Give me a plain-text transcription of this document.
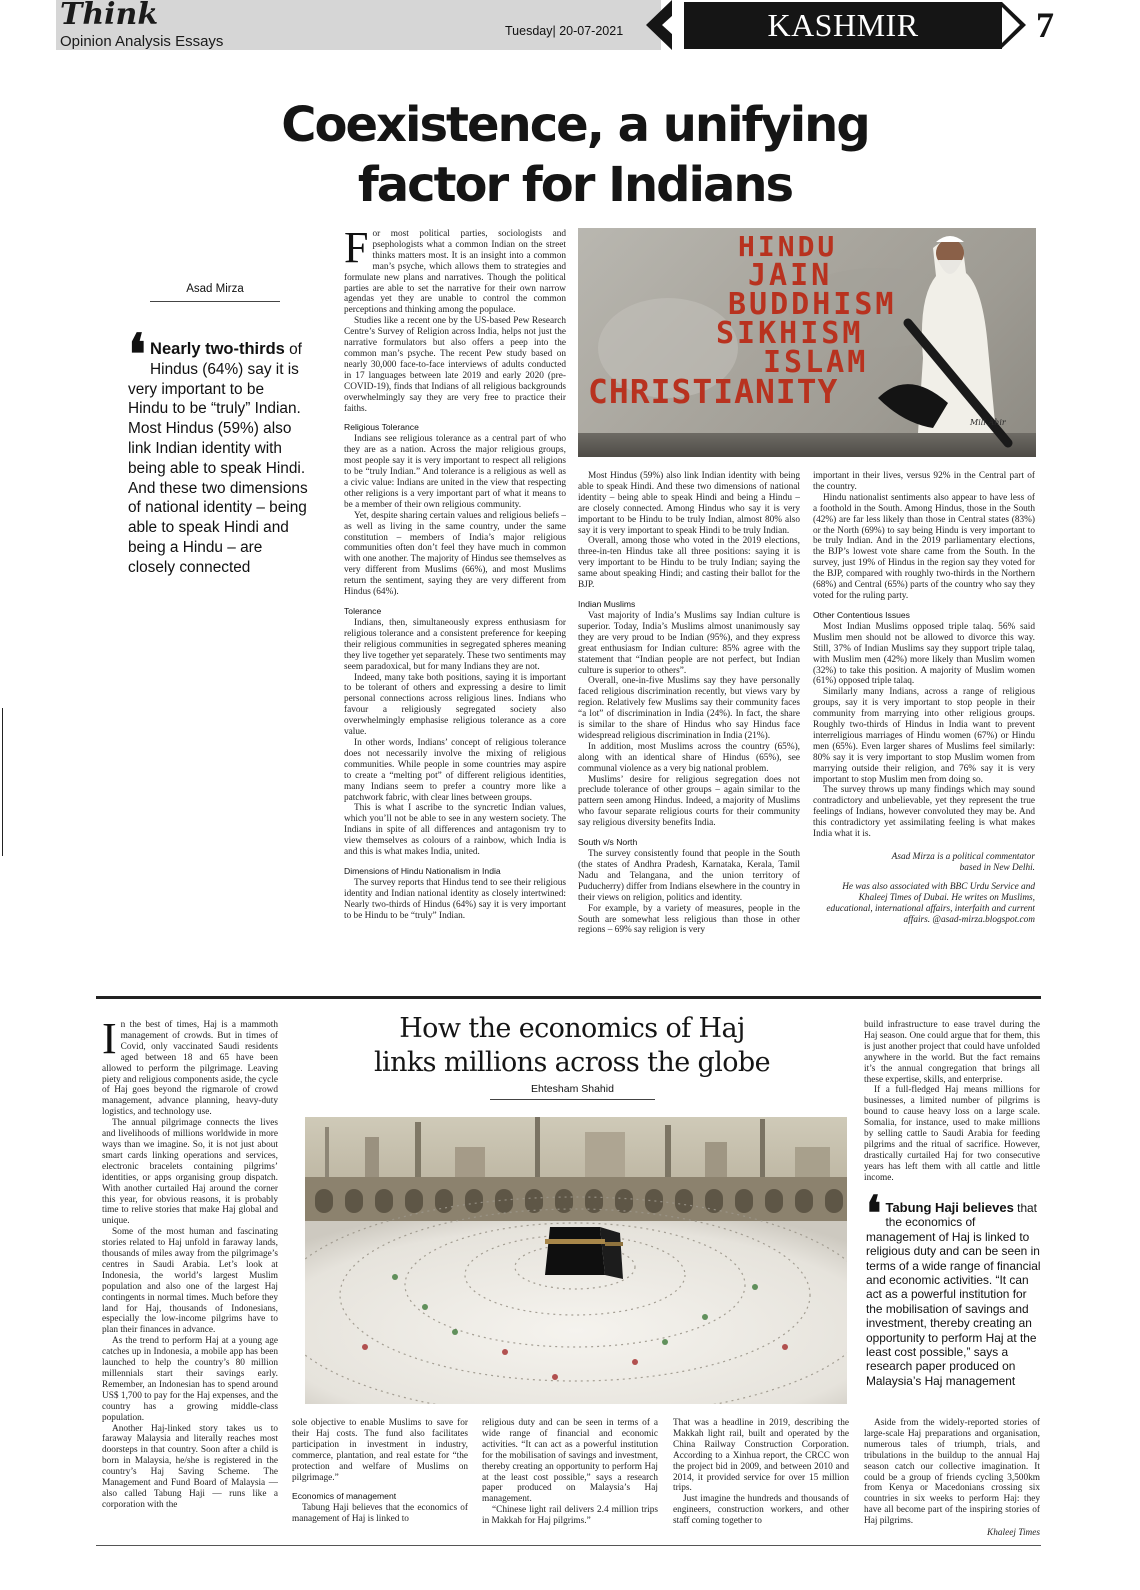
Think
Opinion Analysis Essays
Tuesday| 20-07-2021	KASHMIR OBSERVER
7
Coexistence, a unifying
factor for Indians
Asad Mirza
❛ Nearly two-thirds of Hindus (64%) say it is very important to be Hindu to be “truly” Indian. Most Hindus (59%) also link Indian identity with being able to speak Hindi. And these two dimensions of national identity – being able to speak Hindi and being a Hindu – are closely connected

For most political parties, sociologists and psephologists what a common Indian on the street thinks matters most. It is an insight into a common man’s psyche, which allows them to strategies and formulate new plans and narratives. Though the political parties are able to set the narrative for their own narrow agendas yet they are unable to control the common perceptions and thinking among the populace.

Studies like a recent one by the US-based Pew Research Centre’s Survey of Religion across India, helps not just the narrative formulators but also offers a peep into the common man’s psyche. The recent Pew study based on nearly 30,000 face-to-face interviews of adults conducted in 17 languages between late 2019 and early 2020 (pre-COVID-19), finds that Indians of all religious backgrounds overwhelmingly say they are very free to practice their faiths.

Religious Tolerance

Indians see religious tolerance as a central part of who they are as a nation. Across the major religious groups, most people say it is very important to respect all religions to be “truly Indian.” And tolerance is a religious as well as a civic value: Indians are united in the view that respecting other religions is a very important part of what it means to be a member of their own religious community.

Yet, despite sharing certain values and religious beliefs – as well as living in the same country, under the same constitution – members of India’s major religious communities often don’t feel they have much in common with one another. The majority of Hindus see themselves as very different from Muslims (66%), and most Muslims return the sentiment, saying they are very different from Hindus (64%).

Tolerance

Indians, then, simultaneously express enthusiasm for religious tolerance and a consistent preference for keeping their religious communities in segregated spheres meaning they live together yet separately. These two sentiments may seem paradoxical, but for many Indians they are not.

Indeed, many take both positions, saying it is important to be tolerant of others and expressing a desire to limit personal connections across religious lines. Indians who favour a religiously segregated society also overwhelmingly emphasise religious tolerance as a core value.

In other words, Indians’ concept of religious tolerance does not necessarily involve the mixing of religious communities. While people in some countries may aspire to create a “melting pot” of different religious identities, many Indians seem to prefer a country more like a patchwork fabric, with clear lines between groups.

This is what I ascribe to the syncretic Indian values, which you’ll not be able to see in any western society. The Indians in spite of all differences and antagonism try to view themselves as colours of a rainbow, which India is and this is what makes India, united.

Dimensions of Hindu Nationalism in India

The survey reports that Hindus tend to see their religious identity and Indian national identity as closely intertwined: Nearly two-thirds of Hindus (64%) say it is very important to be Hindu to be “truly” Indian.

HINDU
JAIN
BUDDHISM
SIKHISM
ISLAM
CHRISTIANITY
Mili Ahir

Most Hindus (59%) also link Indian identity with being able to speak Hindi. And these two dimensions of national identity – being able to speak Hindi and being a Hindu – are closely connected. Among Hindus who say it is very important to be Hindu to be truly Indian, almost 80% also say it is very important to speak Hindi to be truly Indian.

Overall, among those who voted in the 2019 elections, three-in-ten Hindus take all three positions: saying it is very important to be Hindu to be truly Indian; saying the same about speaking Hindi; and casting their ballot for the BJP.

Indian Muslims

Vast majority of India’s Muslims say Indian culture is superior. Today, India’s Muslims almost unanimously say they are very proud to be Indian (95%), and they express great enthusiasm for Indian culture: 85% agree with the statement that “Indian people are not perfect, but Indian culture is superior to others”.

Overall, one-in-five Muslims say they have personally faced religious discrimination recently, but views vary by region. Relatively few Muslims say their community faces “a lot” of discrimination in India (24%). In fact, the share is similar to the share of Hindus who say Hindus face widespread religious discrimination in India (21%).

In addition, most Muslims across the country (65%), along with an identical share of Hindus (65%), see communal violence as a very big national problem.

Muslims’ desire for religious segregation does not preclude tolerance of other groups – again similar to the pattern seen among Hindus. Indeed, a majority of Muslims who favour separate religious courts for their community say religious diversity benefits India.

South v/s North

The survey consistently found that people in the South (the states of Andhra Pradesh, Karnataka, Kerala, Tamil Nadu and Telangana, and the union territory of Puducherry) differ from Indians elsewhere in the country in their views on religion, politics and identity.

For example, by a variety of measures, people in the South are somewhat less religious than those in other regions – 69% say religion is very

important in their lives, versus 92% in the Central part of the country.

Hindu nationalist sentiments also appear to have less of a foothold in the South. Among Hindus, those in the South (42%) are far less likely than those in Central states (83%) or the North (69%) to say being Hindu is very important to be truly Indian. And in the 2019 parliamentary elections, the BJP’s lowest vote share came from the South. In the survey, just 19% of Hindus in the region say they voted for the BJP, compared with roughly two-thirds in the Northern (68%) and Central (65%) parts of the country who say they voted for the ruling party.

Other Contentious Issues

Most Indian Muslims opposed triple talaq. 56% said Muslim men should not be allowed to divorce this way. Still, 37% of Indian Muslims say they support triple talaq, with Muslim men (42%) more likely than Muslim women (32%) to take this position. A majority of Muslim women (61%) opposed triple talaq.

Similarly many Indians, across a range of religious groups, say it is very important to stop people in their community from marrying into other religious groups. Roughly two-thirds of Hindus in India want to prevent interreligious marriages of Hindu women (67%) or Hindu men (65%). Even larger shares of Muslims feel similarly: 80% say it is very important to stop Muslim women from marrying outside their religion, and 76% say it is very important to stop Muslim men from doing so.

The survey throws up many findings which may sound contradictory and unbelievable, yet they represent the true feelings of Indians, however convoluted they may be. And this contradictory yet assimilating feeling is what makes India what it is.

Asad Mirza is a political commentator based in New Delhi.
He was also associated with BBC Urdu Service and Khaleej Times of Dubai. He writes on Muslims, educational, international affairs, interfaith and current affairs. @asad-mirza.blogspot.com

In the best of times, Haj is a mammoth management of crowds. But in times of Covid, only vaccinated Saudi residents aged between 18 and 65 have been allowed to perform the pilgrimage. Leaving piety and religious components aside, the cycle of Haj goes beyond the rigmarole of crowd management, advance planning, heavy-duty logistics, and technology use.

The annual pilgrimage connects the lives and livelihoods of millions worldwide in more ways than we imagine. So, it is not just about smart cards linking operations and services, electronic bracelets containing pilgrims’ identities, or apps organising group dispatch. With another curtailed Haj around the corner this year, for obvious reasons, it is probably time to relive stories that make Haj global and unique.

Some of the most human and fascinating stories related to Haj unfold in faraway lands, thousands of miles away from the pilgrimage’s centres in Saudi Arabia. Let’s look at Indonesia, the world’s largest Muslim population and also one of the largest Haj contingents in normal times. Much before they land for Haj, thousands of Indonesians, especially the low-income pilgrims have to plan their finances in advance.

As the trend to perform Haj at a young age catches up in Indonesia, a mobile app has been launched to help the country’s 80 million millennials start their savings early. Remember, an Indonesian has to spend around US$ 1,700 to pay for the Haj expenses, and the country has a growing middle-class population.

Another Haj-linked story takes us to faraway Malaysia and literally reaches most doorsteps in that country. Soon after a child is born in Malaysia, he/she is registered in the country’s Haj Saving Scheme. The Management and Fund Board of Malaysia — also called Tabung Haji — runs like a corporation with the

How the economics of Haj
links millions across the globe
Ehtesham Shahid

sole objective to enable Muslims to save for their Haj costs. The fund also facilitates participation in investment in industry, commerce, plantation, and real estate for “the protection and welfare of Muslims on pilgrimage.”

Economics of management

Tabung Haji believes that the economics of management of Haj is linked to

religious duty and can be seen in terms of a wide range of financial and economic activities. “It can act as a powerful institution for the mobilisation of savings and investment, thereby creating an opportunity to perform Haj at the least cost possible,” says a research paper produced on Malaysia’s Haj management.

“Chinese light rail delivers 2.4 million trips in Makkah for Haj pilgrims.”

That was a headline in 2019, describing the Makkah light rail, built and operated by the China Railway Construction Corporation. According to a Xinhua report, the CRCC won the project bid in 2009, and between 2010 and 2014, it provided service for over 15 million trips.

Just imagine the hundreds and thousands of engineers, construction workers, and other staff coming together to

build infrastructure to ease travel during the Haj season. One could argue that for them, this is just another project that could have unfolded anywhere in the world. But the fact remains it’s the annual congregation that brings all these expertise, skills, and enterprise.

If a full-fledged Haj means millions for businesses, a limited number of pilgrims is bound to cause heavy loss on a large scale. Somalia, for instance, used to make millions by selling cattle to Saudi Arabia for feeding pilgrims and the ritual of sacrifice. However, drastically curtailed Haj for two consecutive years has left them with all cattle and little income.

❛ Tabung Haji believes that the economics of management of Haj is linked to religious duty and can be seen in terms of a wide range of financial and economic activities. “It can act as a powerful institution for the mobilisation of savings and investment, thereby creating an opportunity to perform Haj at the least cost possible,” says a research paper produced on Malaysia’s Haj management

Aside from the widely-reported stories of large-scale Haj preparations and organisation, numerous tales of triumph, trials, and tribulations in the buildup to the annual Haj season catch our collective imagination. It could be a group of friends cycling 3,500km from Kenya or Macedonians crossing six countries in six weeks to perform Haj: they have all become part of the inspiring stories of Haj pilgrims.

Khaleej Times
